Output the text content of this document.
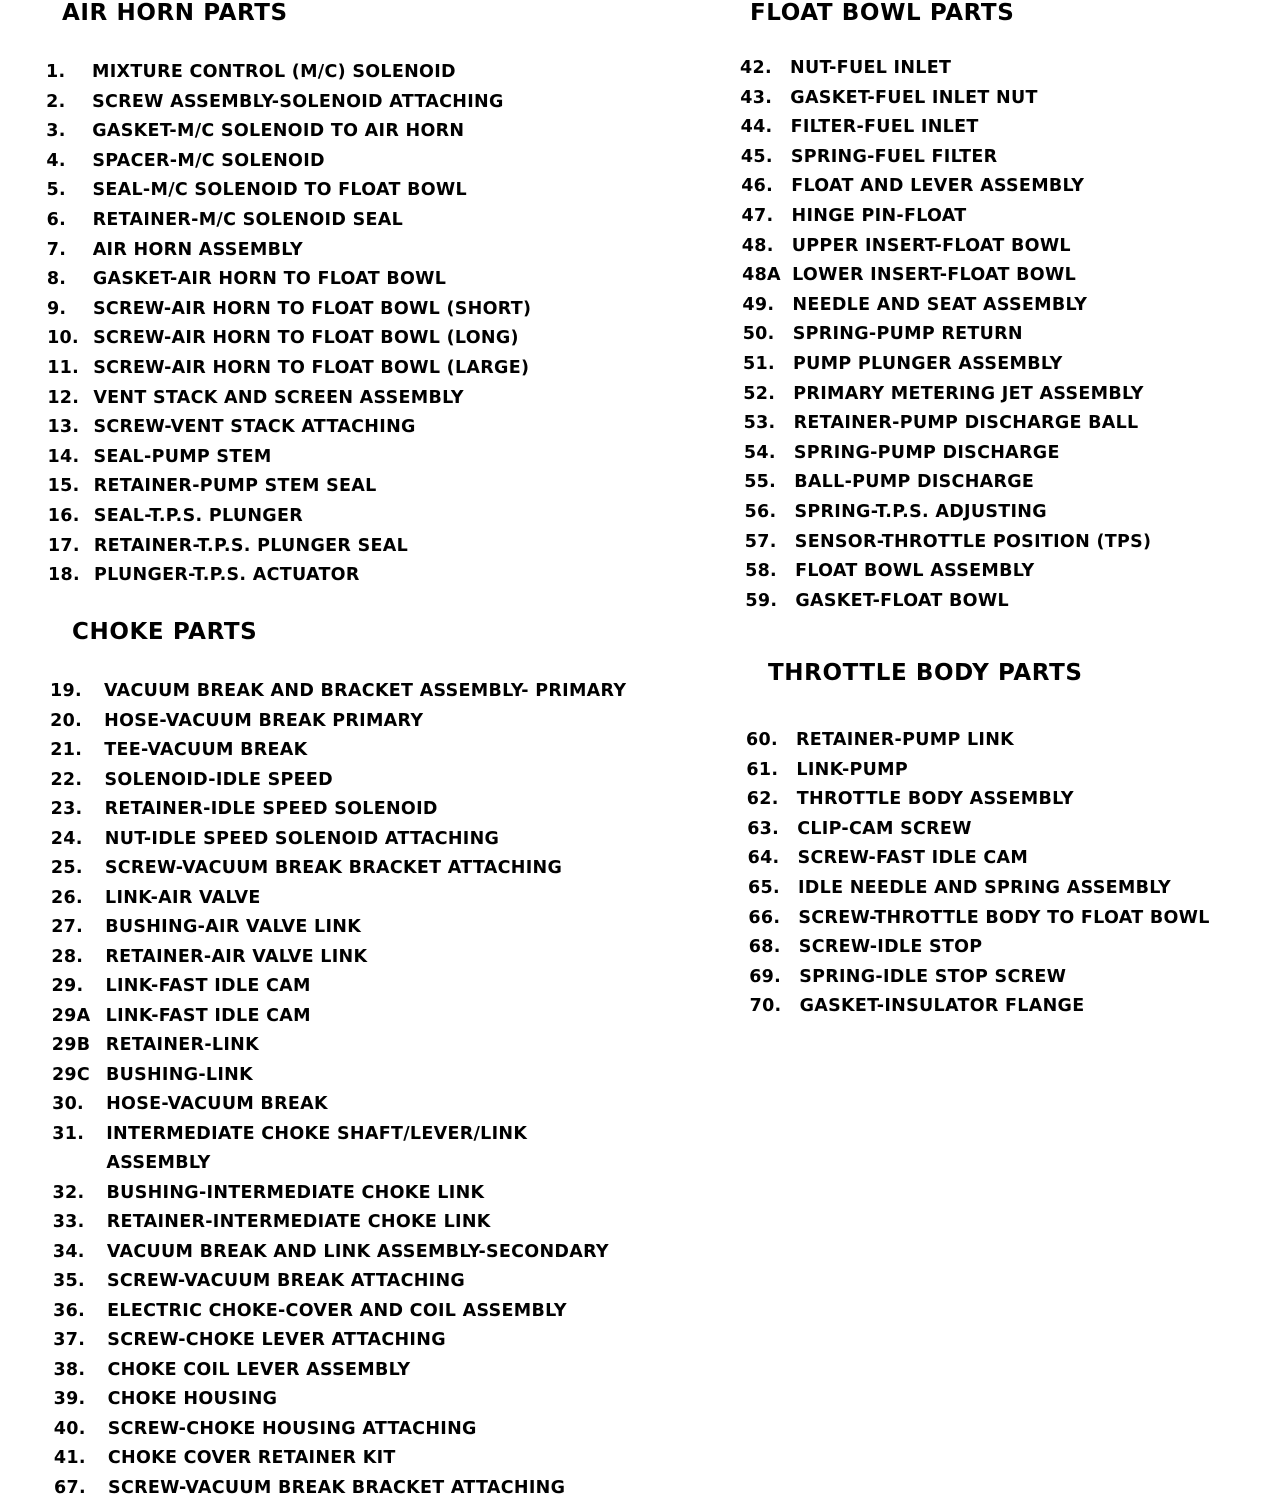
AIR HORN PARTS
CHOKE PARTS
FLOAT BOWL PARTS
THROTTLE BODY PARTS
1.	MIXTURE CONTROL (M/C) SOLENOID
2.	SCREW ASSEMBLY-SOLENOID ATTACHING
3.	GASKET-M/C SOLENOID TO AIR HORN
4.	SPACER-M/C SOLENOID
5.	SEAL-M/C SOLENOID TO FLOAT BOWL
6.	RETAINER-M/C SOLENOID SEAL
7.	AIR HORN ASSEMBLY
8.	GASKET-AIR HORN TO FLOAT BOWL
9.	SCREW-AIR HORN TO FLOAT BOWL (SHORT)
10. SCREW-AIR HORN TO FLOAT BOWL (LONG)
11. SCREW-AIR HORN TO FLOAT BOWL (LARGE)
12. VENT STACK AND SCREEN ASSEMBLY
13. SCREW-VENT STACK ATTACHING
14. SEAL-PUMP STEM
15. RETAINER-PUMP STEM SEAL
16. SEAL-T.P.S. PLUNGER
17. RETAINER-T.P.S. PLUNGER SEAL
18. PLUNGER-T.P.S. ACTUATOR
19.	VACUUM BREAK AND BRACKET ASSEMBLY- PRIMARY
20.	HOSE-VACUUM BREAK PRIMARY
21.	TEE-VACUUM BREAK
22.	SOLENOID-IDLE SPEED
23.	RETAINER-IDLE SPEED SOLENOID
24.	NUT-IDLE SPEED SOLENOID ATTACHING
25.	SCREW-VACUUM BREAK BRACKET ATTACHING
26.	LINK-AIR VALVE
27.	BUSHING-AIR VALVE LINK
28.	RETAINER-AIR VALVE LINK
29.	LINK-FAST IDLE CAM
29A LINK-FAST IDLE CAM
29B RETAINER-LINK
29C BUSHING-LINK
30.	HOSE-VACUUM BREAK
31.	INTERMEDIATE CHOKE SHAFT/LEVER/LINK
ASSEMBLY
32.	BUSHING-INTERMEDIATE CHOKE LINK
33.	RETAINER-INTERMEDIATE CHOKE LINK
34.	VACUUM BREAK AND LINK ASSEMBLY-SECONDARY
35.	SCREW-VACUUM BREAK ATTACHING
36.	ELECTRIC CHOKE-COVER AND COIL ASSEMBLY
37.	SCREW-CHOKE LEVER ATTACHING
38.	CHOKE COIL LEVER ASSEMBLY
39.	CHOKE HOUSING
40.	SCREW-CHOKE HOUSING ATTACHING
41.	CHOKE COVER RETAINER KIT
67.	SCREW-VACUUM BREAK BRACKET ATTACHING
42.	NUT-FUEL INLET
43.	GASKET-FUEL INLET NUT
44.	FILTER-FUEL INLET
45.	SPRING-FUEL FILTER
46.	FLOAT AND LEVER ASSEMBLY
47.	HINGE PIN-FLOAT
48.	UPPER INSERT-FLOAT BOWL
48A LOWER INSERT-FLOAT BOWL
49.	NEEDLE AND SEAT ASSEMBLY
50.	SPRING-PUMP RETURN
51.	PUMP PLUNGER ASSEMBLY
52.	PRIMARY METERING JET ASSEMBLY
53.	RETAINER-PUMP DISCHARGE BALL
54.	SPRING-PUMP DISCHARGE
55.	BALL-PUMP DISCHARGE
56.	SPRING-T.P.S. ADJUSTING
57.	SENSOR-THROTTLE POSITION (TPS)
58.	FLOAT BOWL ASSEMBLY
59.	GASKET-FLOAT BOWL
60.	RETAINER-PUMP LINK
61.	LINK-PUMP
62.	THROTTLE BODY ASSEMBLY
63.	CLIP-CAM SCREW
64.	SCREW-FAST IDLE CAM
65.	IDLE NEEDLE AND SPRING ASSEMBLY
66.	SCREW-THROTTLE BODY TO FLOAT BOWL
68.	SCREW-IDLE STOP
69.	SPRING-IDLE STOP SCREW
70.	GASKET-INSULATOR FLANGE
